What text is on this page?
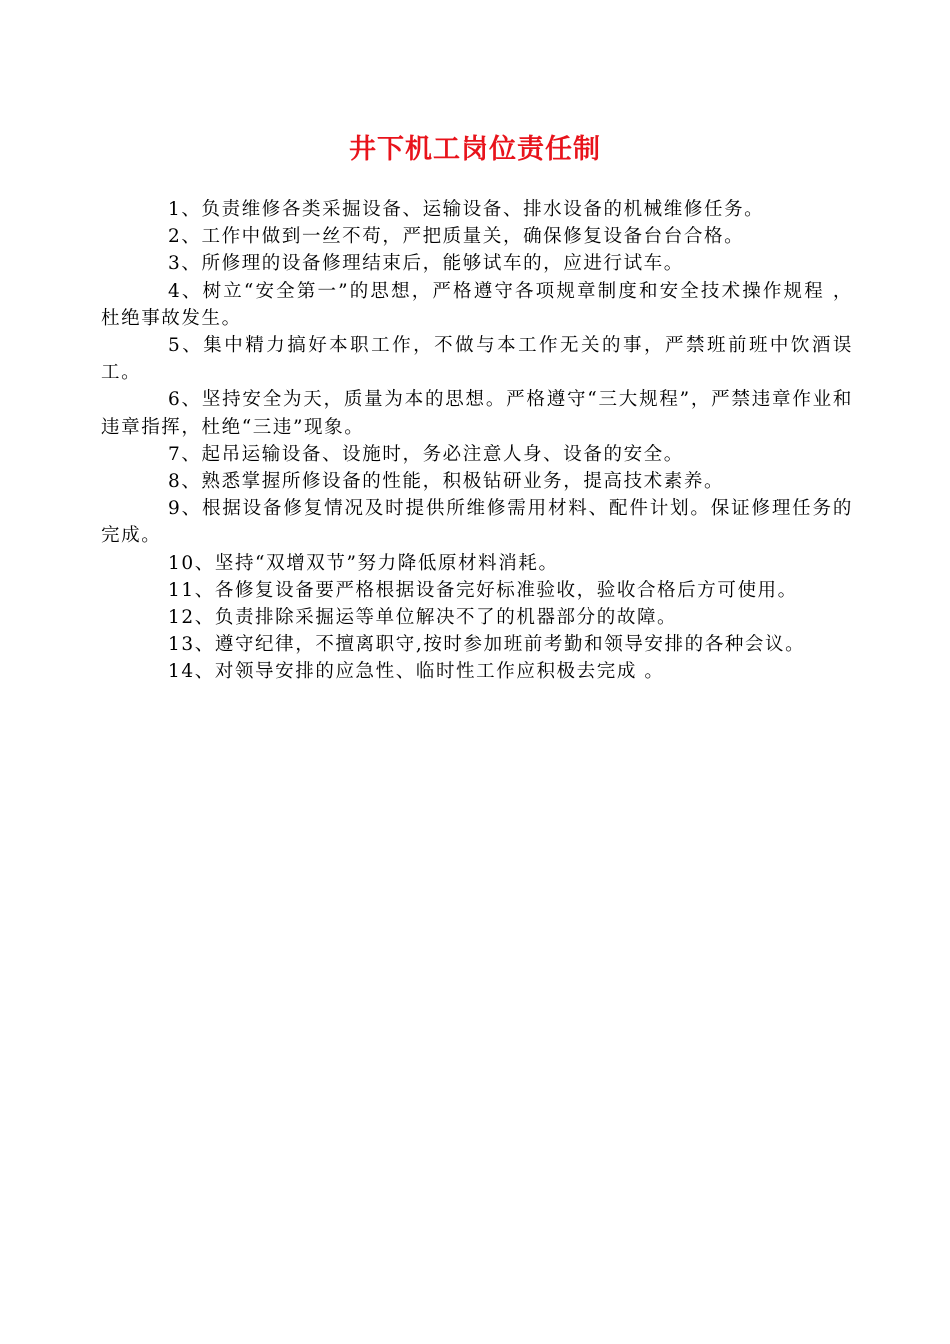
井下机工岗位责任制

1、负责维修各类采掘设备、运输设备、排水设备的机械维修任务。

2、工作中做到一丝不苟，严把质量关，确保修复设备台台合格。

3、所修理的设备修理结束后，能够试车的，应进行试车。

4、树立“安全第一”的思想，严格遵守各项规章制度和安全技术操作规程 ，杜绝事故发生。

5、集中精力搞好本职工作，不做与本工作无关的事，严禁班前班中饮酒误工。

6、坚持安全为天，质量为本的思想。严格遵守“三大规程”，严禁违章作业和违章指挥，杜绝“三违”现象。

7、起吊运输设备、设施时，务必注意人身、设备的安全。

8、熟悉掌握所修设备的性能，积极钻研业务，提高技术素养。

9、根据设备修复情况及时提供所维修需用材料、配件计划。保证修理任务的完成。

10、坚持“双增双节”努力降低原材料消耗。

11、各修复设备要严格根据设备完好标准验收，验收合格后方可使用。

12、负责排除采掘运等单位解决不了的机器部分的故障。

13、遵守纪律，不擅离职守,按时参加班前考勤和领导安排的各种会议。

14、对领导安排的应急性、临时性工作应积极去完成 。
